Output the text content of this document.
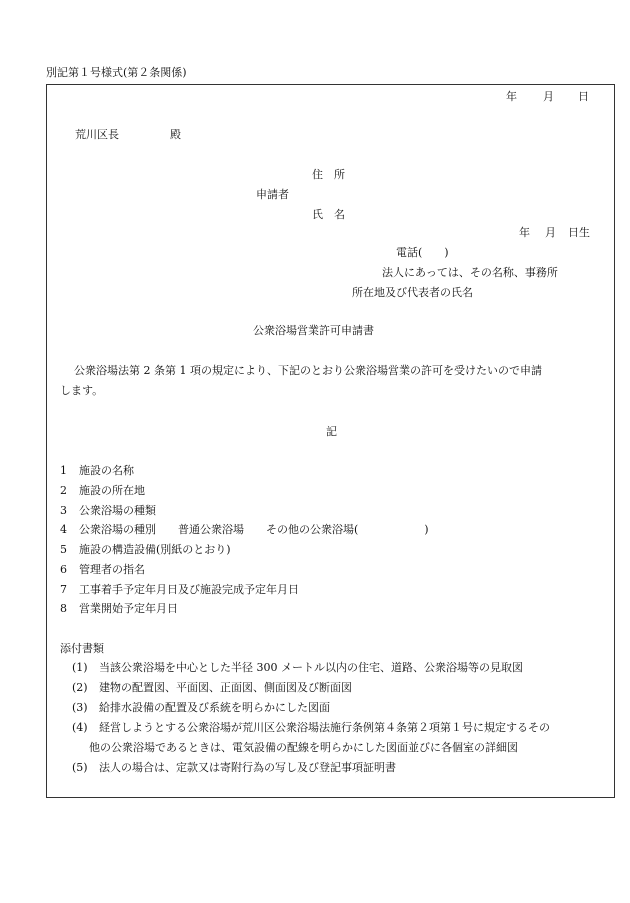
別記第１号様式(第２条関係)
年 月 日
荒川区長	殿
住　所
申請者
氏　名
年 月 日生
電話(　　)
法人にあっては、その名称、事務所
所在地及び代表者の氏名
公衆浴場営業許可申請書
公衆浴場法第 2 条第 1 項の規定により、下記のとおり公衆浴場営業の許可を受けたいので申請
します。
記
1 施設の名称
2 施設の所在地
3 公衆浴場の種類
4 公衆浴場の種別　　普通公衆浴場　　その他の公衆浴場(　　　　　　)
5 施設の構造設備(別紙のとおり)
6 管理者の指名
7 工事着手予定年月日及び施設完成予定年月日
8 営業開始予定年月日
添付書類
(1) 当該公衆浴場を中心とした半径 300 メートル以内の住宅、道路、公衆浴場等の見取図
(2) 建物の配置図、平面図、正面図、側面図及び断面図
(3) 給排水設備の配置及び系統を明らかにした図面
(4) 経営しようとする公衆浴場が荒川区公衆浴場法施行条例第４条第２項第１号に規定するその
他の公衆浴場であるときは、電気設備の配線を明らかにした図面並びに各個室の詳細図
(5) 法人の場合は、定款又は寄附行為の写し及び登記事項証明書
